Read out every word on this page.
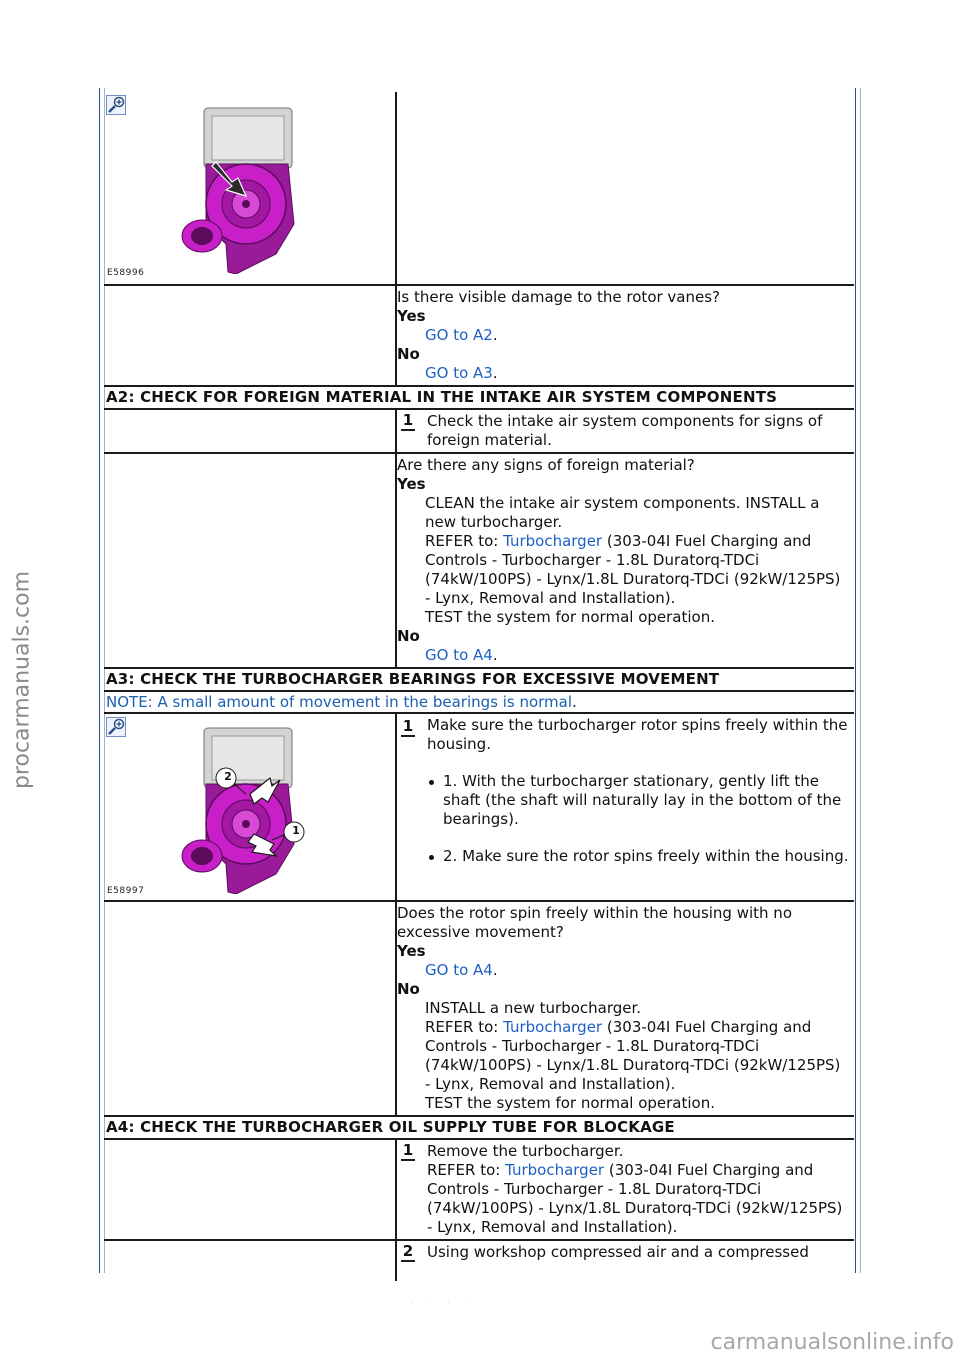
procarmanuals.com
carmanualsonline.info
· · · ·
E58996
Is there visible damage to the rotor vanes?
Yes
GO to A2.
No
GO to A3.
A2: CHECK FOR FOREIGN MATERIAL IN THE INTAKE AIR SYSTEM COMPONENTS
1 Check the intake air system components for signs of foreign material.
Are there any signs of foreign material?
Yes
CLEAN the intake air system components. INSTALL a new turbocharger.
REFER to: Turbocharger (303-04I Fuel Charging and Controls - Turbocharger - 1.8L Duratorq-TDCi (74kW/100PS) - Lynx/1.8L Duratorq-TDCi (92kW/125PS) - Lynx, Removal and Installation).
TEST the system for normal operation.
No
GO to A4.
A3: CHECK THE TURBOCHARGER BEARINGS FOR EXCESSIVE MOVEMENT
NOTE: A small amount of movement in the bearings is normal.
2
1
E58997
1 Make sure the turbocharger rotor spins freely within the housing.
1. With the turbocharger stationary, gently lift the shaft (the shaft will naturally lay in the bottom of the bearings).
2. Make sure the rotor spins freely within the housing.
Does the rotor spin freely within the housing with no excessive movement?
Yes
GO to A4.
No
INSTALL a new turbocharger.
REFER to: Turbocharger (303-04I Fuel Charging and Controls - Turbocharger - 1.8L Duratorq-TDCi (74kW/100PS) - Lynx/1.8L Duratorq-TDCi (92kW/125PS) - Lynx, Removal and Installation).
TEST the system for normal operation.
A4: CHECK THE TURBOCHARGER OIL SUPPLY TUBE FOR BLOCKAGE
1 Remove the turbocharger.
REFER to: Turbocharger (303-04I Fuel Charging and Controls - Turbocharger - 1.8L Duratorq-TDCi (74kW/100PS) - Lynx/1.8L Duratorq-TDCi (92kW/125PS) - Lynx, Removal and Installation).
2 Using workshop compressed air and a compressed
